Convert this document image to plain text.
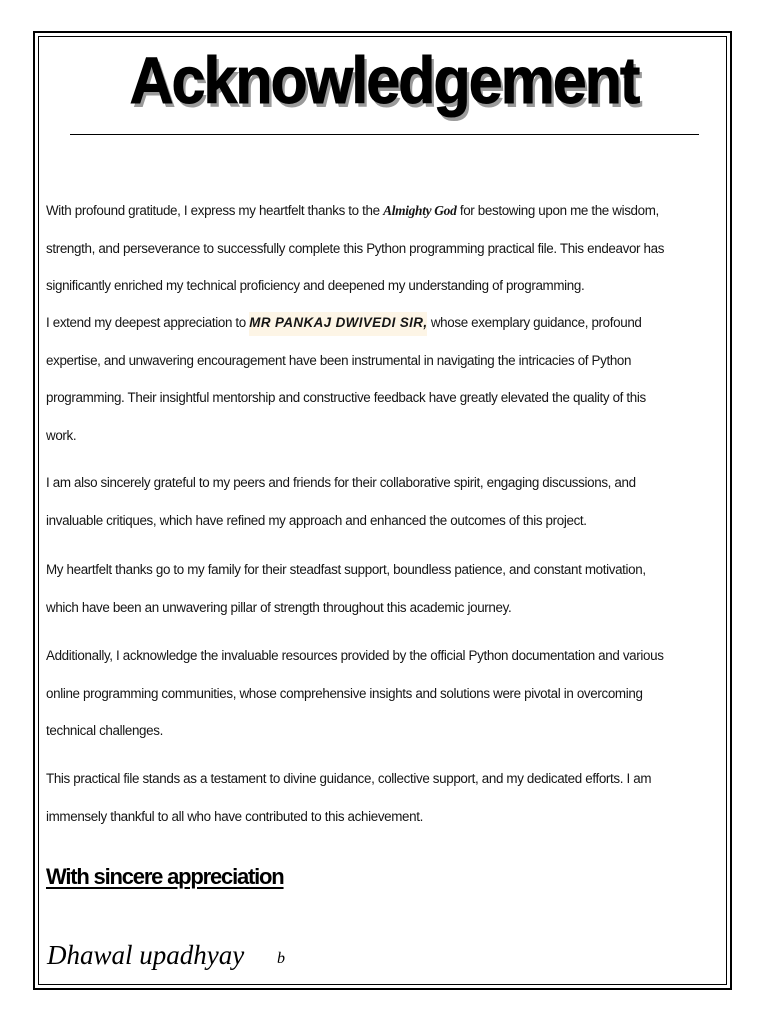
Acknowledgement

With profound gratitude, I express my heartfelt thanks to the Almighty God for bestowing upon me the wisdom,

strength, and perseverance to successfully complete this Python programming practical file. This endeavor has

significantly enriched my technical proficiency and deepened my understanding of programming.

I extend my deepest appreciation to MR PANKAJ DWIVEDI SIR, whose exemplary guidance, profound

expertise, and unwavering encouragement have been instrumental in navigating the intricacies of Python

programming. Their insightful mentorship and constructive feedback have greatly elevated the quality of this

work.

I am also sincerely grateful to my peers and friends for their collaborative spirit, engaging discussions, and

invaluable critiques, which have refined my approach and enhanced the outcomes of this project.

My heartfelt thanks go to my family for their steadfast support, boundless patience, and constant motivation,

which have been an unwavering pillar of strength throughout this academic journey.

Additionally, I acknowledge the invaluable resources provided by the official Python documentation and various

online programming communities, whose comprehensive insights and solutions were pivotal in overcoming

technical challenges.

This practical file stands as a testament to divine guidance, collective support, and my dedicated efforts. I am

immensely thankful to all who have contributed to this achievement.

With sincere appreciation
Dhawal upadhyay b
